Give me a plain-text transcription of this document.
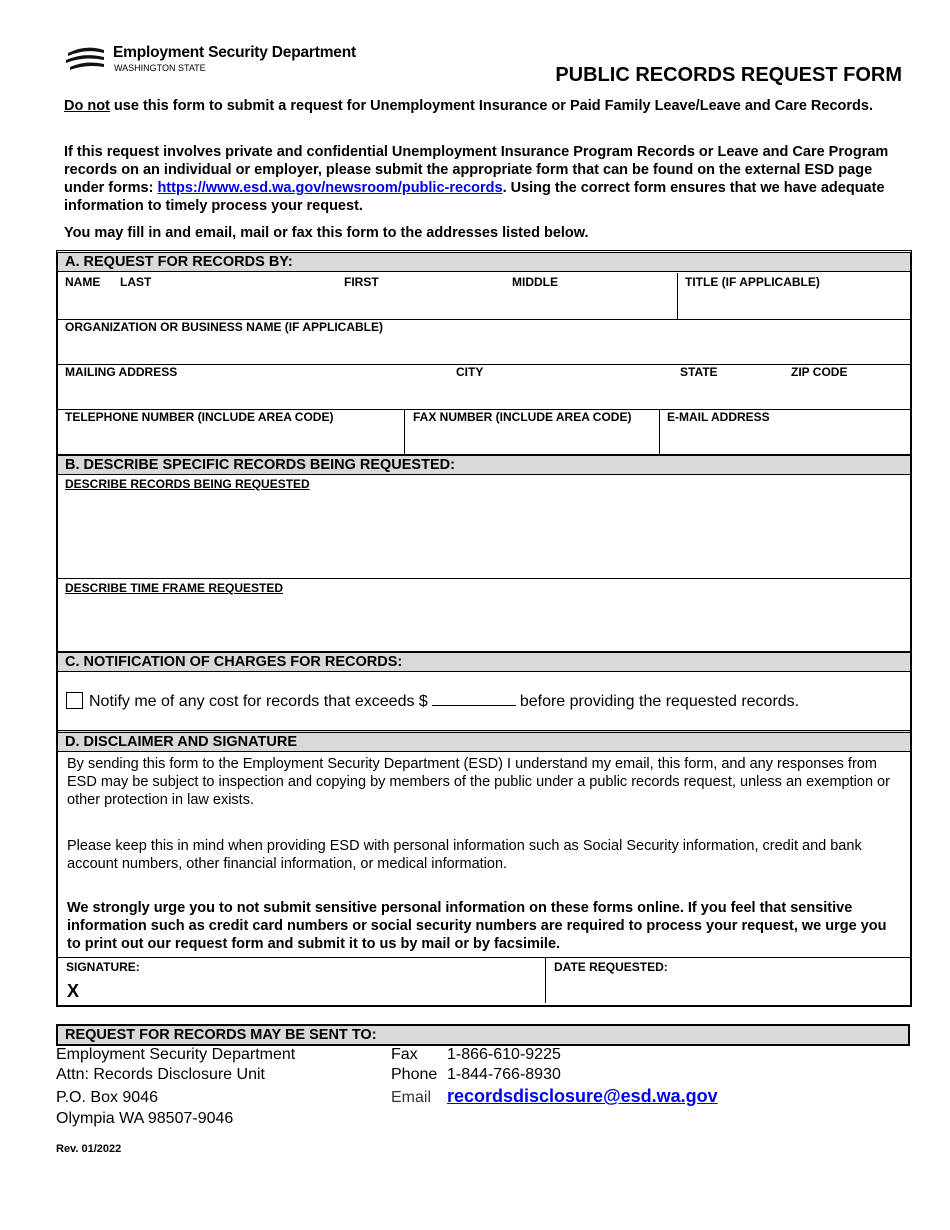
Employment Security Department
WASHINGTON STATE	PUBLIC RECORDS REQUEST FORM
Do not use this form to submit a request for Unemployment Insurance or Paid Family Leave/Leave and Care Records.
If this request involves private and confidential Unemployment Insurance Program Records or Leave and Care Program records on an individual or employer, please submit the appropriate form that can be found on the external ESD page under forms: https://www.esd.wa.gov/newsroom/public-records. Using the correct form ensures that we have adequate information to timely process your request.
You may fill in and email, mail or fax this form to the addresses listed below.
A. REQUEST FOR RECORDS BY:
NAME LAST	FIRST	MIDDLE	TITLE (IF APPLICABLE)
ORGANIZATION OR BUSINESS NAME (IF APPLICABLE)
MAILING ADDRESS	CITY	STATE	ZIP CODE
TELEPHONE NUMBER (INCLUDE AREA CODE)	FAX NUMBER (INCLUDE AREA CODE)	E-MAIL ADDRESS
B. DESCRIBE SPECIFIC RECORDS BEING REQUESTED:
DESCRIBE RECORDS BEING REQUESTED
DESCRIBE TIME FRAME REQUESTED
C. NOTIFICATION OF CHARGES FOR RECORDS:
Notify me of any cost for records that exceeds $	before providing the requested records.
D. DISCLAIMER AND SIGNATURE
By sending this form to the Employment Security Department (ESD) I understand my email, this form, and any responses from ESD may be subject to inspection and copying by members of the public under a public records request, unless an exemption or other protection in law exists.
Please keep this in mind when providing ESD with personal information such as Social Security information, credit and bank account numbers, other financial information, or medical information.
We strongly urge you to not submit sensitive personal information on these forms online. If you feel that sensitive information such as credit card numbers or social security numbers are required to process your request, we urge you to print out our request form and submit it to us by mail or by facsimile.
SIGNATURE:
X
DATE REQUESTED:
REQUEST FOR RECORDS MAY BE SENT TO:
Employment Security Department
Attn: Records Disclosure Unit
P.O. Box 9046
Olympia WA 98507-9046
Fax 1-866-610-9225
Phone 1-844-766-8930
Email recordsdisclosure@esd.wa.gov
Rev. 01/2022
